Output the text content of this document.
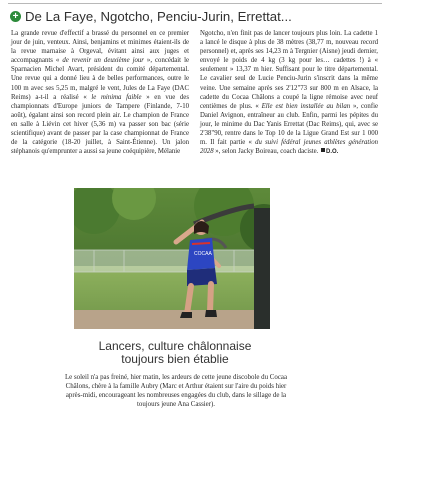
+ De La Faye, Ngotcho, Penciu-Jurin, Errettat...

La grande revue d'effectif a brassé du personnel en ce premier jour de juin, venteux. Ainsi, benjamins et minimes étaient-ils de la revue marnaise à Orgeval, évitant ainsi aux juges et accompagnants « de revenir un deuxième jour », concédait le Sparnacien Michel Avart, président du comité départemental. Une revue qui a donné lieu à de belles performances, outre le 100 m avec ses 5,25 m, malgré le vent, Jules de La Faye (DAC Reims) a-t-il a réalisé « le minima faible » en vue des championnats d'Europe juniors de Tampere (Finlande, 7-10 août), égalant ainsi son record plein air. Le champion de France en salle à Liévin cet hiver (5,36 m) va passer son bac (série scientifique) avant de passer par la case championnat de France de la catégorie (18-20 juillet, à Saint-Étienne). Un jalon stéphanois qu'emprunter a aussi sa jeune coéquipière, Mélanie

Ngotcho, n'en finit pas de lancer toujours plus loin. La cadette 1 a lancé le disque à plus de 38 mètres (38,77 m, nouveau record personnel) et, après ses 14,23 m à Tergnier (Aisne) jeudi dernier, envoyé le poids de 4 kg (3 kg pour les… cadettes !) à « seulement » 13,37 m hier. Suffisant pour le titre départemental. Le cavalier seul de Lucie Penciu-Jurin s'inscrit dans la même veine. Une semaine après ses 2'12"73 sur 800 m en Alsace, la cadette du Cocaa Châlons a coupé la ligne rémoise avec neuf centièmes de plus. « Elle est bien installée au bilan », confie Daniel Avignon, entraîneur au club. Enfin, parmi les pépites du jour, le minime du Dac Yanis Errettat (Dac Reims), qui, avec se 2'38"90, rentre dans le Top 10 de la Ligue Grand Est sur 1 000 m. Il fait partie « du suivi fédéral jeunes athlètes génération 2028 », selon Jacky Boireau, coach daciste. D.O.

COCAA
Lancers, culture châlonnaise
toujours bien établie
Le soleil n'a pas freiné, hier matin, les ardeurs de cette jeune discobole du Cocaa Châlons, chère à la famille Aubry (Marc et Arthur étaient sur l'aire du poids hier après-midi, encourageant les nombreuses engagées du club, dans le sillage de la toujours jeune Ana Cassier).
